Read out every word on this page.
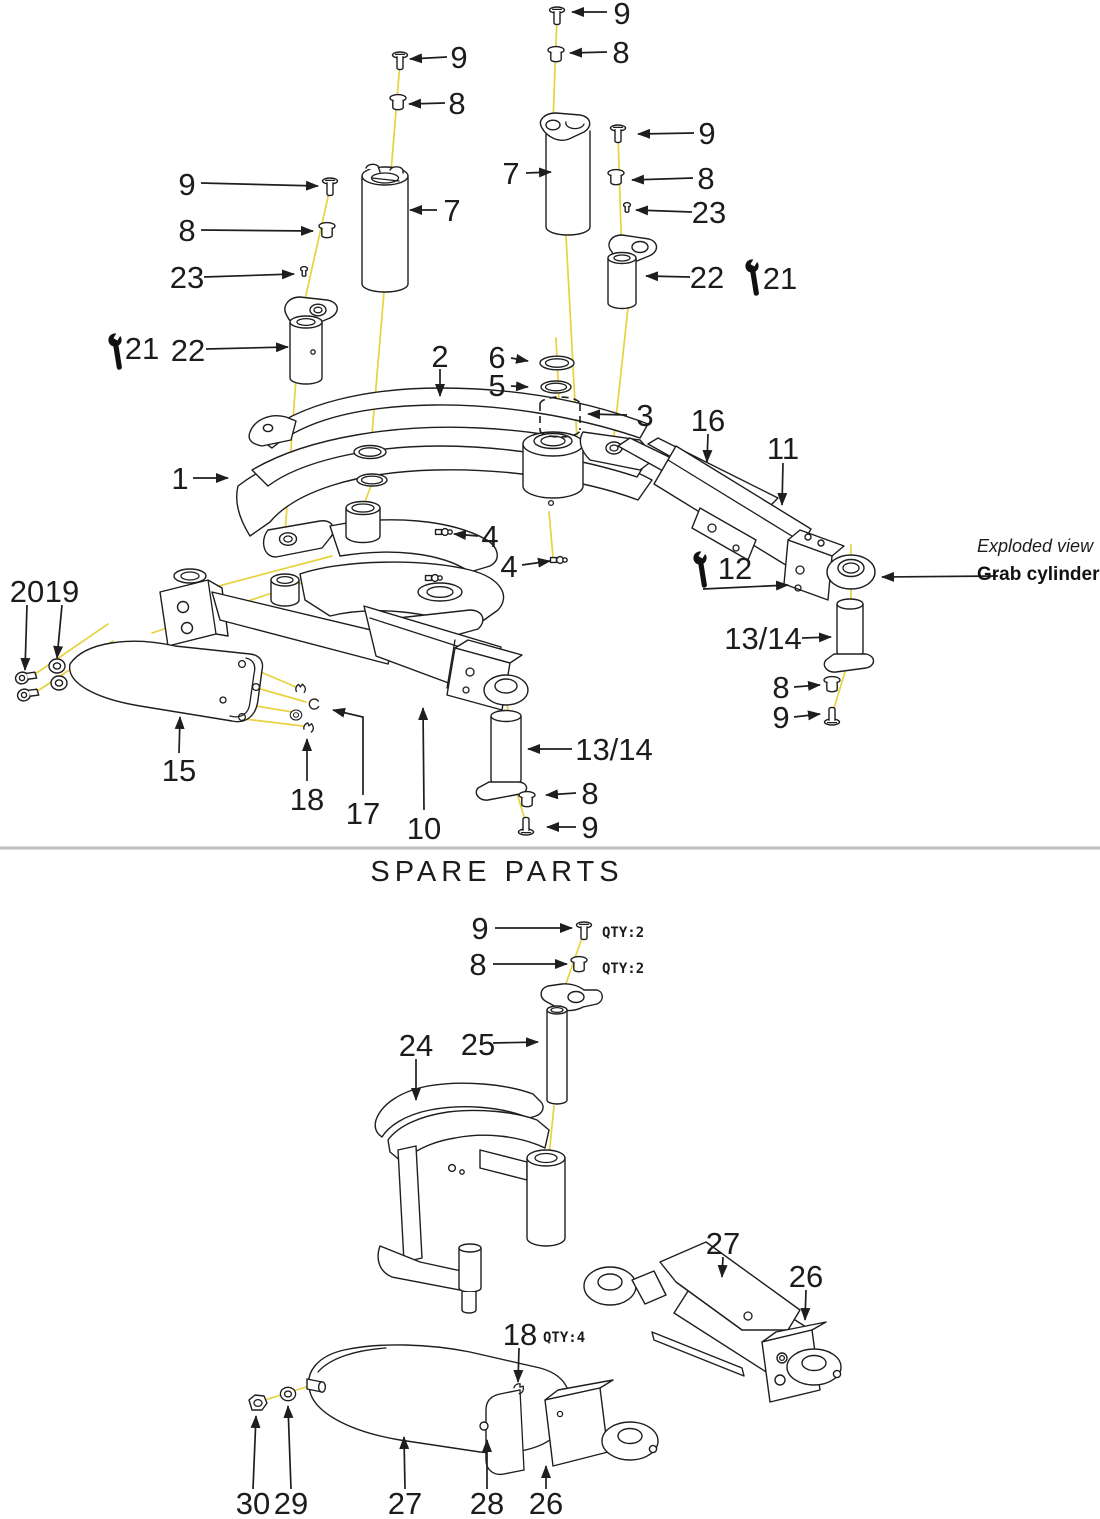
SPARE PARTS
9
8
9
8
9
8
23
22 21
9
8
23
21 22
7
7
2 6
5
3 16
11
12
1
4
4
20 19
15
18 17 10
13/14
8
9
13/14
8
9
9	QTY:2
8	QTY:2
24 25
27
26
18 QTY:4
30 29	27 28 26
Exploded view
Grab cylinder
